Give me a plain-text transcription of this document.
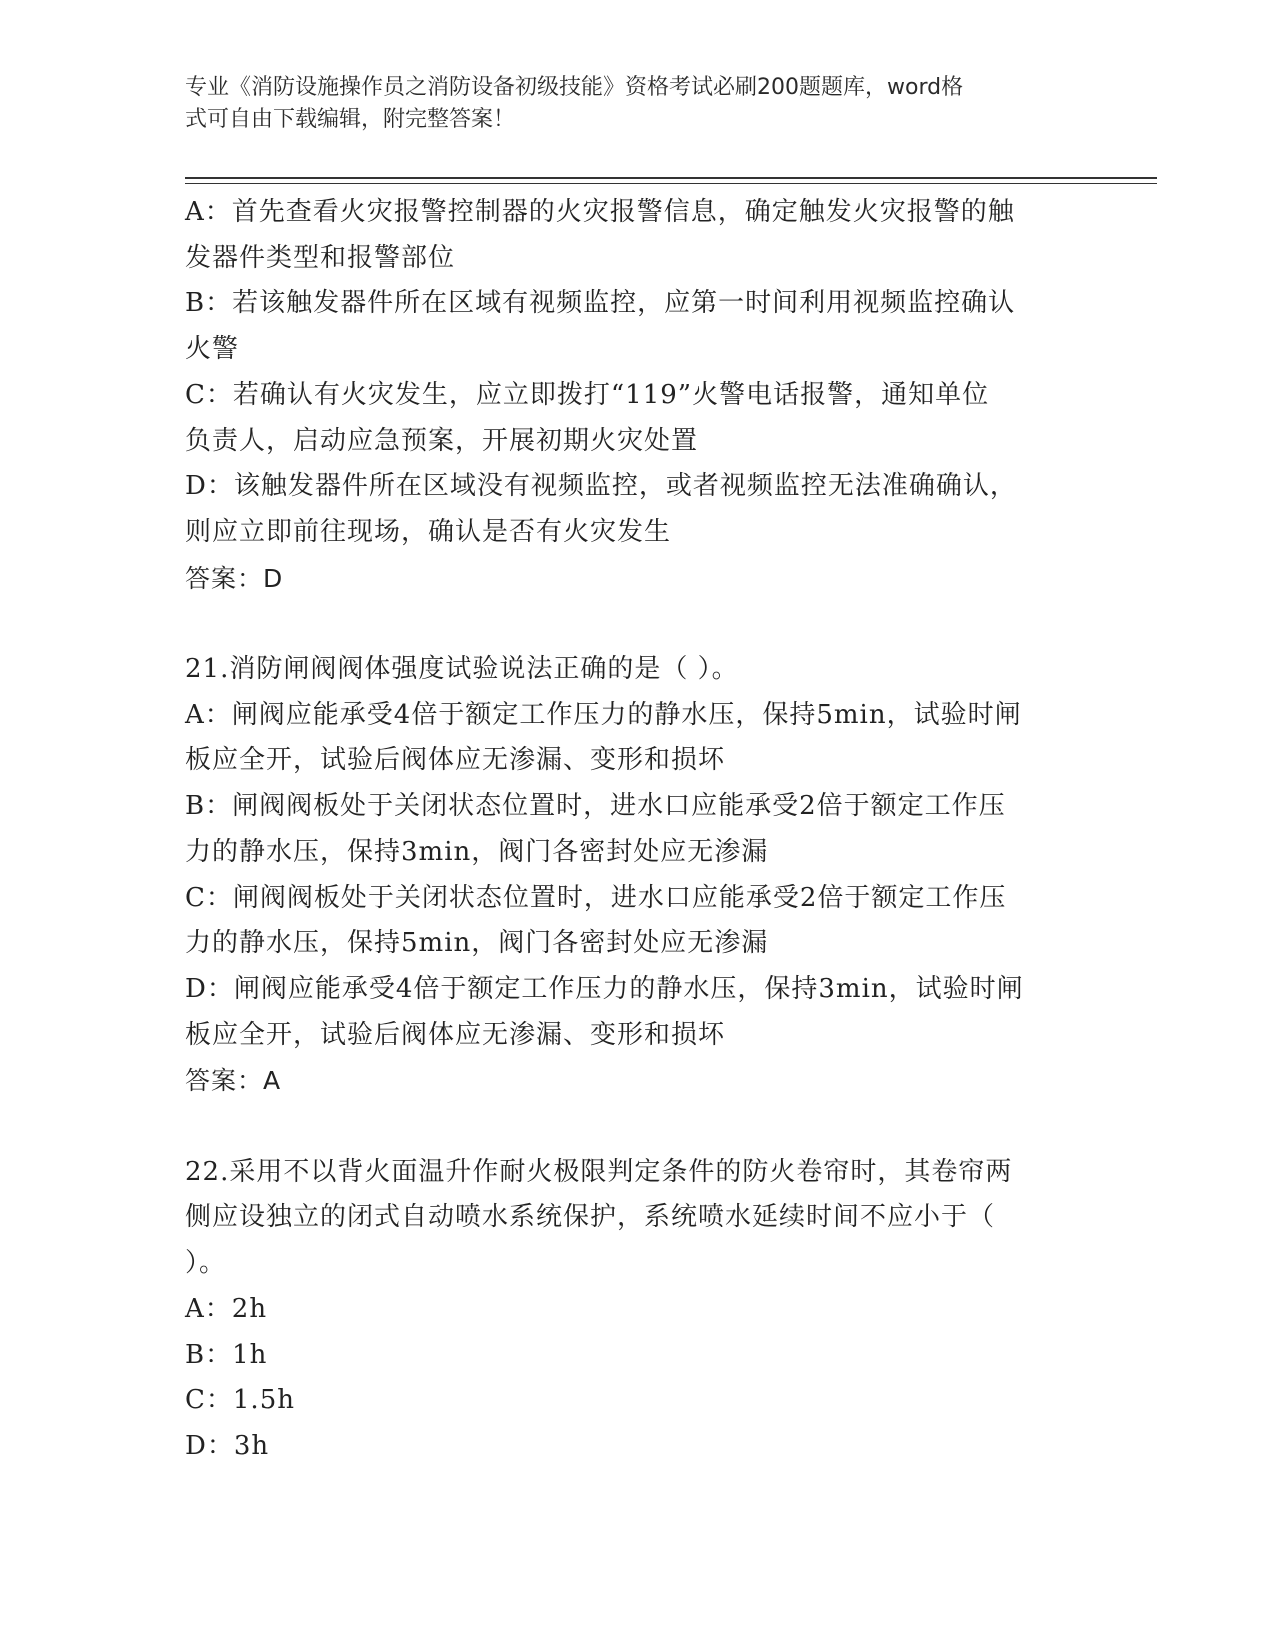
专业《消防设施操作员之消防设备初级技能》资格考试必刷200题题库，word格
式可自由下载编辑，附完整答案！
A：首先查看火灾报警控制器的火灾报警信息，确定触发火灾报警的触
发器件类型和报警部位
B：若该触发器件所在区域有视频监控，应第一时间利用视频监控确认
火警
C：若确认有火灾发生，应立即拨打“119”火警电话报警，通知单位
负责人，启动应急预案，开展初期火灾处置
D：该触发器件所在区域没有视频监控，或者视频监控无法准确确认，
则应立即前往现场，确认是否有火灾发生
答案：D
21.消防闸阀阀体强度试验说法正确的是（ ）。
A：闸阀应能承受4倍于额定工作压力的静水压，保持5min，试验时闸
板应全开，试验后阀体应无渗漏、变形和损坏
B：闸阀阀板处于关闭状态位置时，进水口应能承受2倍于额定工作压
力的静水压，保持3min，阀门各密封处应无渗漏
C：闸阀阀板处于关闭状态位置时，进水口应能承受2倍于额定工作压
力的静水压，保持5min，阀门各密封处应无渗漏
D：闸阀应能承受4倍于额定工作压力的静水压，保持3min，试验时闸
板应全开，试验后阀体应无渗漏、变形和损坏
答案：A
22.采用不以背火面温升作耐火极限判定条件的防火卷帘时，其卷帘两
侧应设独立的闭式自动喷水系统保护，系统喷水延续时间不应小于（
）。
A：2h
B：1h
C：1.5h
D：3h
